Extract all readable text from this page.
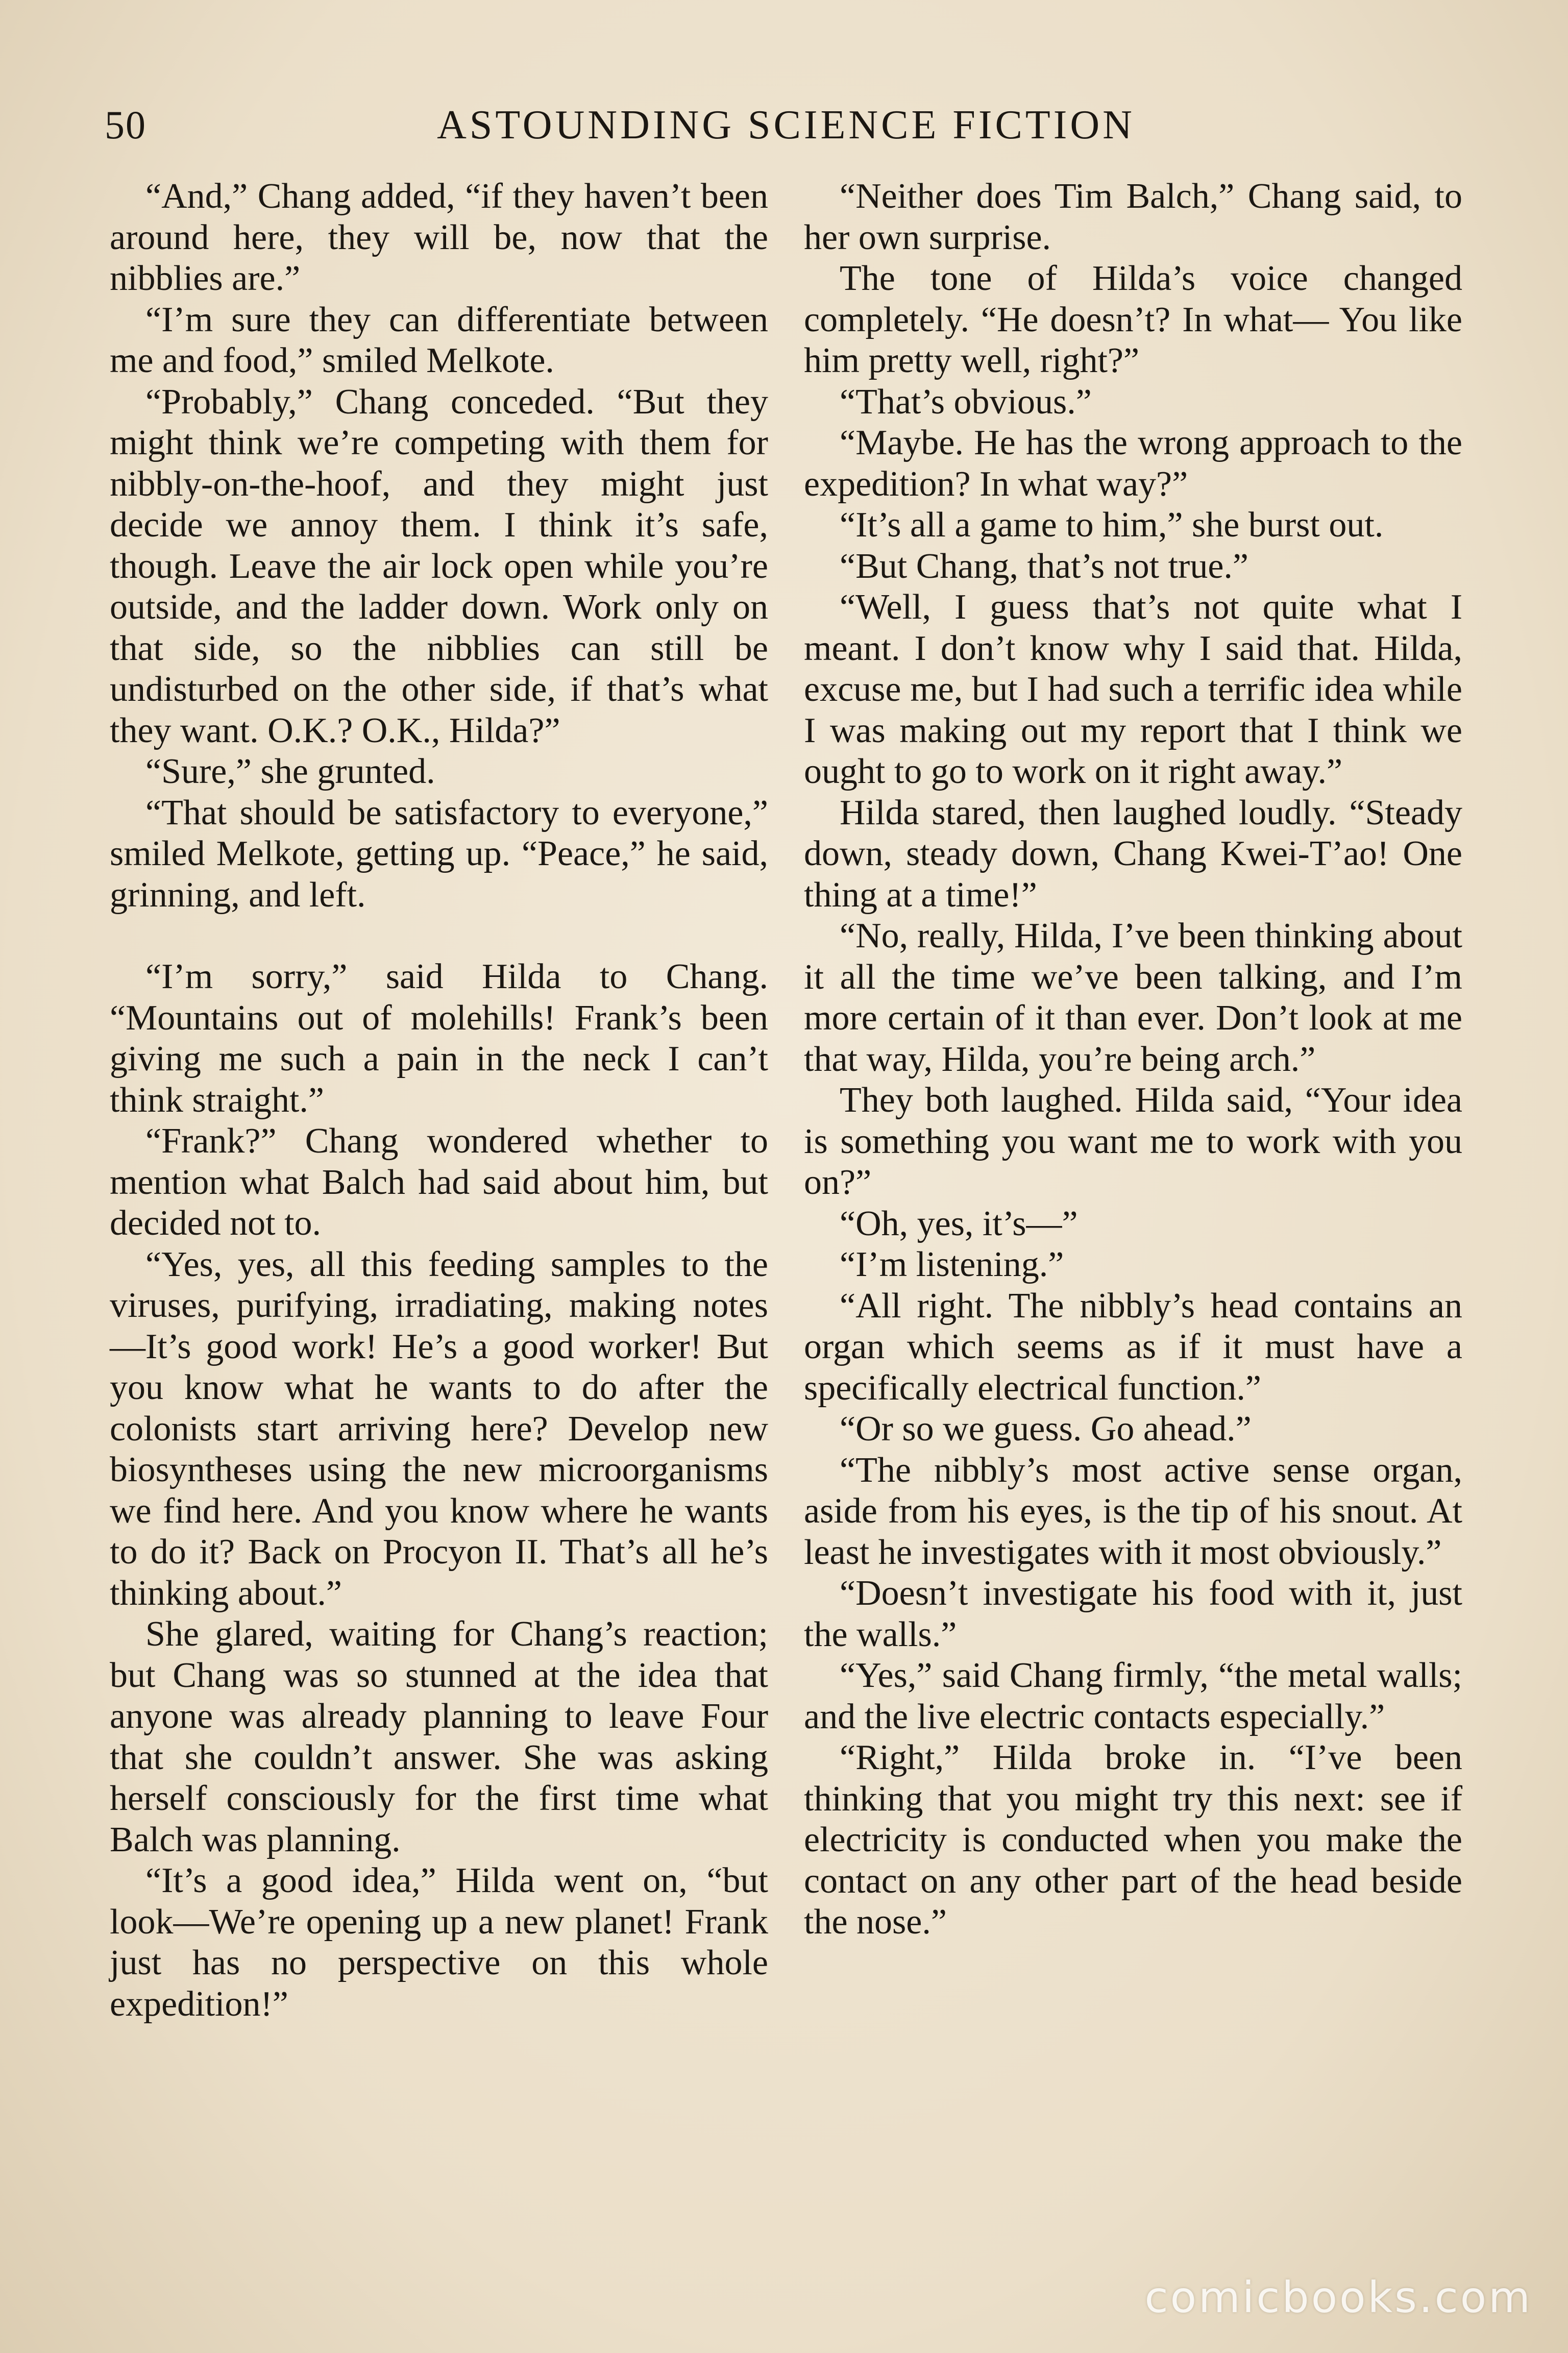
50	ASTOUNDING SCIENCE FICTION

“And,” Chang added, “if they haven’t been around here, they will be, now that the nibblies are.”

“I’m sure they can differentiate between me and food,” smiled Melkote.

“Probably,” Chang conceded. “But they might think we’re competing with them for nibbly-on-the-hoof, and they might just decide we annoy them. I think it’s safe, though. Leave the air lock open while you’re outside, and the ladder down. Work only on that side, so the nibblies can still be undisturbed on the other side, if that’s what they want. O.K.? O.K., Hilda?”

“Sure,” she grunted.

“That should be satisfactory to everyone,” smiled Melkote, getting up. “Peace,” he said, grinning, and left.

“I’m sorry,” said Hilda to Chang. “Mountains out of molehills! Frank’s been giving me such a pain in the neck I can’t think straight.”

“Frank?” Chang wondered whether to mention what Balch had said about him, but decided not to.

“Yes, yes, all this feeding samples to the viruses, purifying, irradiating, making notes—It’s good work! He’s a good worker! But you know what he wants to do after the colonists start arriving here? Develop new biosyntheses using the new microorganisms we find here. And you know where he wants to do it? Back on Procyon II. That’s all he’s thinking about.”

She glared, waiting for Chang’s reaction; but Chang was so stunned at the idea that anyone was already planning to leave Four that she couldn’t answer. She was asking herself consciously for the first time what Balch was planning.

“It’s a good idea,” Hilda went on, “but look—We’re opening up a new planet! Frank just has no perspective on this whole expedition!”

“Neither does Tim Balch,” Chang said, to her own surprise.

The tone of Hilda’s voice changed completely. “He doesn’t? In what— You like him pretty well, right?”

“That’s obvious.”

“Maybe. He has the wrong approach to the expedition? In what way?”

“It’s all a game to him,” she burst out.

“But Chang, that’s not true.”

“Well, I guess that’s not quite what I meant. I don’t know why I said that. Hilda, excuse me, but I had such a terrific idea while I was making out my report that I think we ought to go to work on it right away.”

Hilda stared, then laughed loudly. “Steady down, steady down, Chang Kwei-T’ao! One thing at a time!”

“No, really, Hilda, I’ve been thinking about it all the time we’ve been talking, and I’m more certain of it than ever. Don’t look at me that way, Hilda, you’re being arch.”

They both laughed. Hilda said, “Your idea is something you want me to work with you on?”

“Oh, yes, it’s—”

“I’m listening.”

“All right. The nibbly’s head contains an organ which seems as if it must have a specifically electrical function.”

“Or so we guess. Go ahead.”

“The nibbly’s most active sense organ, aside from his eyes, is the tip of his snout. At least he investigates with it most obviously.”

“Doesn’t investigate his food with it, just the walls.”

“Yes,” said Chang firmly, “the metal walls; and the live electric contacts especially.”

“Right,” Hilda broke in. “I’ve been thinking that you might try this next: see if electricity is conducted when you make the contact on any other part of the head beside the nose.”

comicbooks.com
